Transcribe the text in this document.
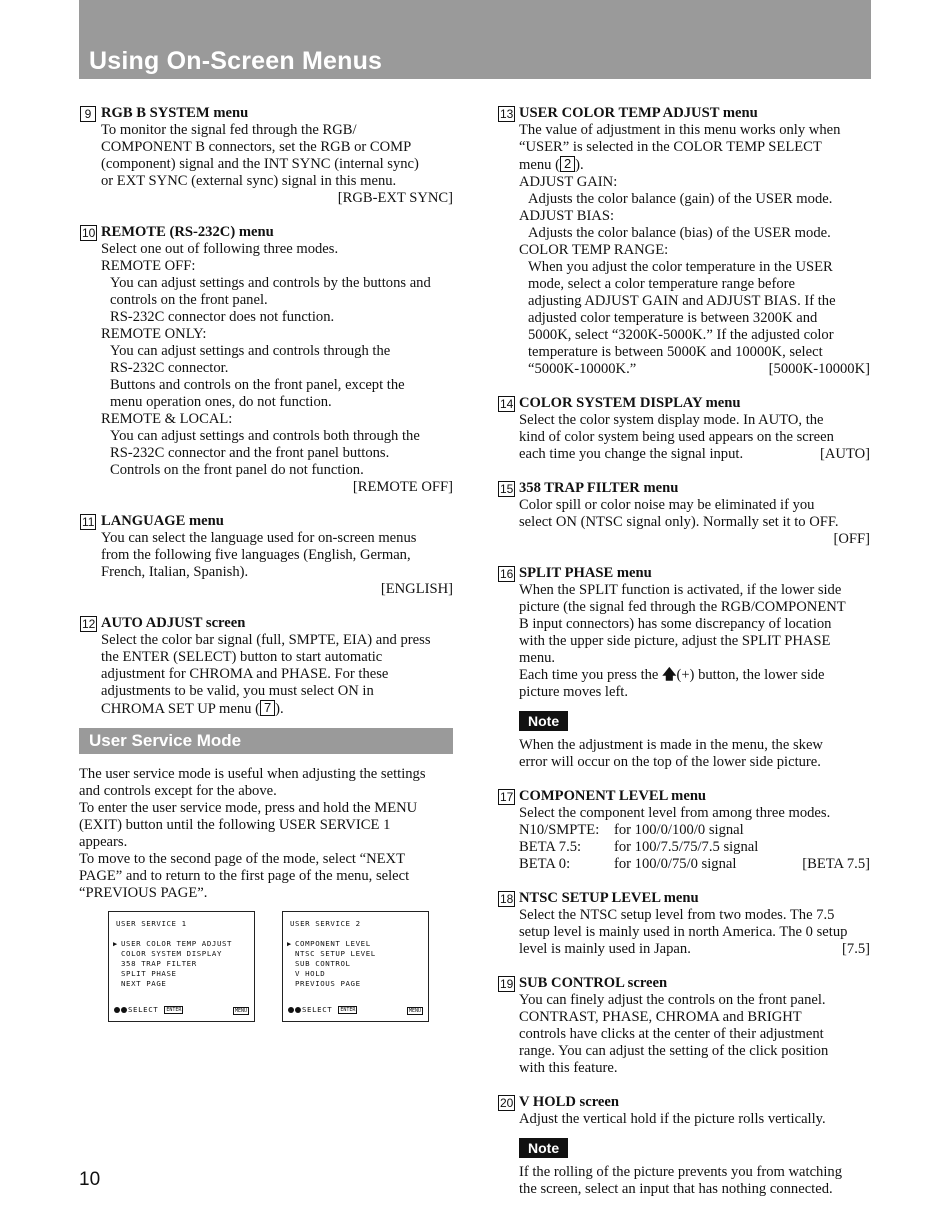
Using On-Screen Menus
9 RGB B SYSTEM menu
To monitor the signal fed through the RGB/
COMPONENT B connectors, set the RGB or COMP
(component) signal and the INT SYNC (internal sync)
or EXT SYNC (external sync) signal in this menu.
[RGB-EXT SYNC]
10 REMOTE (RS-232C) menu
Select one out of following three modes.
REMOTE OFF:
You can adjust settings and controls by the buttons and
controls on the front panel.
RS-232C connector does not function.
REMOTE ONLY:
You can adjust settings and controls through the
RS-232C connector.
Buttons and controls on the front panel, except the
menu operation ones, do not function.
REMOTE & LOCAL:
You can adjust settings and controls both through the
RS-232C connector and the front panel buttons.
Controls on the front panel do not function.
[REMOTE OFF]
11 LANGUAGE menu
You can select the language used for on-screen menus
from the following five languages (English, German,
French, Italian, Spanish).
[ENGLISH]
12 AUTO ADJUST screen
Select the color bar signal (full, SMPTE, EIA) and press
the ENTER (SELECT) button to start automatic
adjustment for CHROMA and PHASE. For these
adjustments to be valid, you must select ON in
CHROMA SET UP menu ( 7 ).
User Service Mode
The user service mode is useful when adjusting the settings
and controls except for the above.
To enter the user service mode, press and hold the MENU
(EXIT) button until the following USER SERVICE 1
appears.
To move to the second page of the mode, select “NEXT
PAGE” and to return to the first page of the menu, select
“PREVIOUS PAGE”.
USER SERVICE 1
▶ USER COLOR TEMP ADJUST
COLOR SYSTEM DISPLAY
358 TRAP FILTER
SPLIT PHASE
NEXT PAGE
SELECT	ENTER	MENU
USER SERVICE 2
▶ COMPONENT LEVEL
NTSC SETUP LEVEL
SUB CONTROL
V HOLD
PREVIOUS PAGE
SELECT	ENTER	MENU
13 USER COLOR TEMP ADJUST menu
The value of adjustment in this menu works only when
“USER” is selected in the COLOR TEMP SELECT
menu ( 2 ).
ADJUST GAIN:
Adjusts the color balance (gain) of the USER mode.
ADJUST BIAS:
Adjusts the color balance (bias) of the USER mode.
COLOR TEMP RANGE:
When you adjust the color temperature in the USER
mode, select a color temperature range before
adjusting ADJUST GAIN and ADJUST BIAS. If the
adjusted color temperature is between 3200K and
5000K, select “3200K-5000K.” If the adjusted color
temperature is between 5000K and 10000K, select
“5000K-10000K.”	[5000K-10000K]
14 COLOR SYSTEM DISPLAY menu
Select the color system display mode. In AUTO, the
kind of color system being used appears on the screen
each time you change the signal input.	[AUTO]
15 358 TRAP FILTER menu
Color spill or color noise may be eliminated if you
select ON (NTSC signal only). Normally set it to OFF.
[OFF]
16 SPLIT PHASE menu
When the SPLIT function is activated, if the lower side
picture (the signal fed through the RGB/COMPONENT
B input connectors) has some discrepancy of location
with the upper side picture, adjust the SPLIT PHASE
menu.
Each time you press the 🡅(+) button, the lower side
picture moves left.
Note
When the adjustment is made in the menu, the skew
error will occur on the top of the lower side picture.
17 COMPONENT LEVEL menu
Select the component level from among three modes.
N10/SMPTE:	for 100/0/100/0 signal
BETA 7.5:	for 100/7.5/75/7.5 signal
BETA 0:	for 100/0/75/0 signal	[BETA 7.5]
18 NTSC SETUP LEVEL menu
Select the NTSC setup level from two modes. The 7.5
setup level is mainly used in north America. The 0 setup
level is mainly used in Japan.	[7.5]
19 SUB CONTROL screen
You can finely adjust the controls on the front panel.
CONTRAST, PHASE, CHROMA and BRIGHT
controls have clicks at the center of their adjustment
range. You can adjust the setting of the click position
with this feature.
20 V HOLD screen
Adjust the vertical hold if the picture rolls vertically.
Note
If the rolling of the picture prevents you from watching
the screen, select an input that has nothing connected.
10
